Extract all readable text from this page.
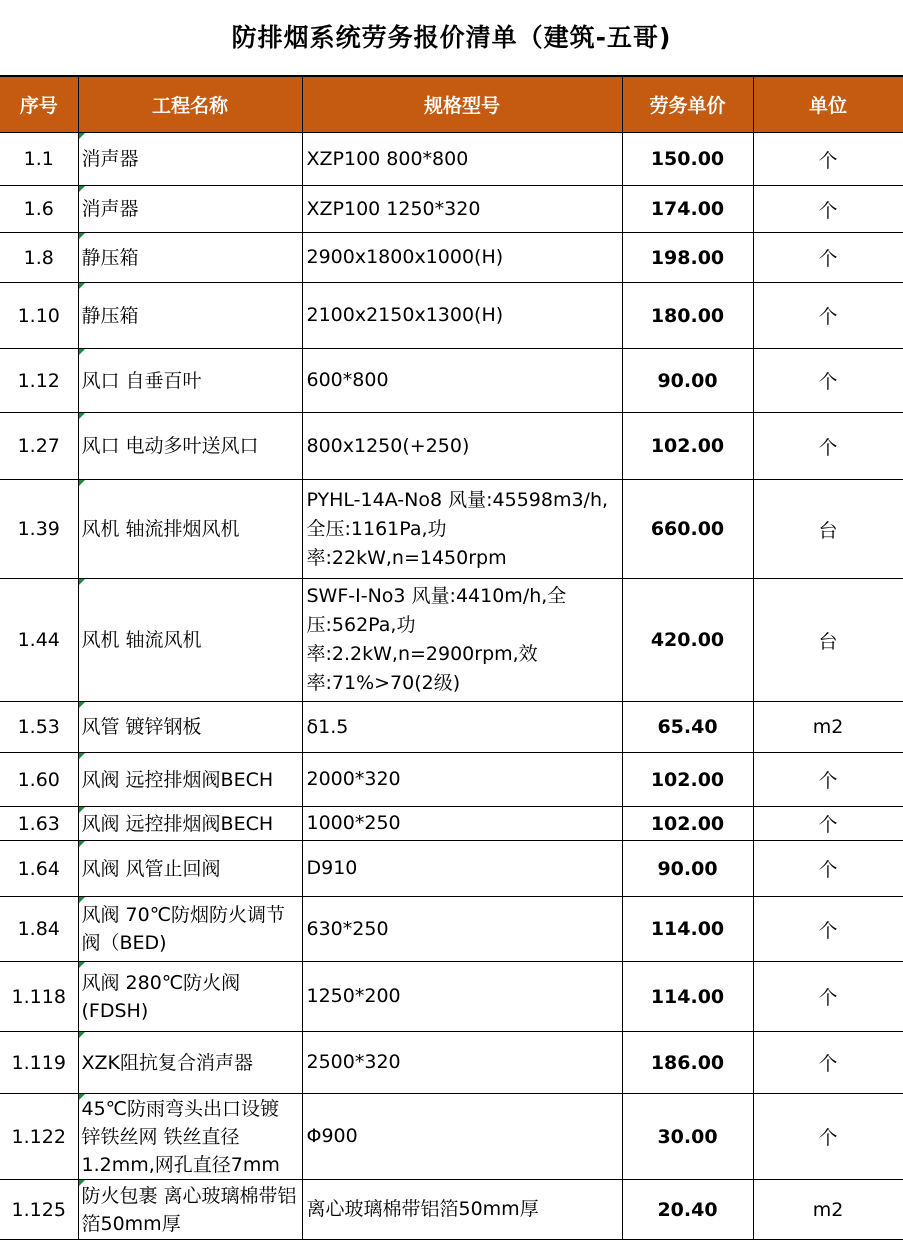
防排烟系统劳务报价清单（建筑-五哥)
序号	工程名称	规格型号	劳务单价	单位
1.1	消声器	XZP100 800*800	150.00	个
1.6	消声器	XZP100 1250*320	174.00	个
1.8	静压箱	2900x1800x1000(H)	198.00	个
1.10	静压箱	2100x2150x1300(H)	180.00	个
1.12	风口 自垂百叶	600*800	90.00	个
1.27	风口 电动多叶送风口	800x1250(+250)	102.00	个
1.39	风机 轴流排烟风机	PYHL-14A-No8 风量:45598m3/h,全压:1161Pa,功率:22kW,n=1450rpm	660.00	台
1.44	风机 轴流风机	SWF-I-No3 风量:4410m/h,全压:562Pa,功率:2.2kW,n=2900rpm,效率:71%>70(2级)	420.00	台
1.53	风管 镀锌钢板	δ1.5	65.40	m2
1.60	风阀 远控排烟阀BECH	2000*320	102.00	个
1.63	风阀 远控排烟阀BECH	1000*250	102.00	个
1.64	风阀 风管止回阀	D910	90.00	个
1.84	风阀 70℃防烟防火调节阀（BED)	630*250	114.00	个
1.118	风阀 280℃防火阀(FDSH)	1250*200	114.00	个
1.119	XZK阻抗复合消声器	2500*320	186.00	个
1.122	45℃防雨弯头出口设镀锌铁丝网 铁丝直径1.2mm,网孔直径7mm	Φ900	30.00	个
1.125	防火包裹 离心玻璃棉带铝箔50mm厚	离心玻璃棉带铝箔50mm厚	20.40	m2
